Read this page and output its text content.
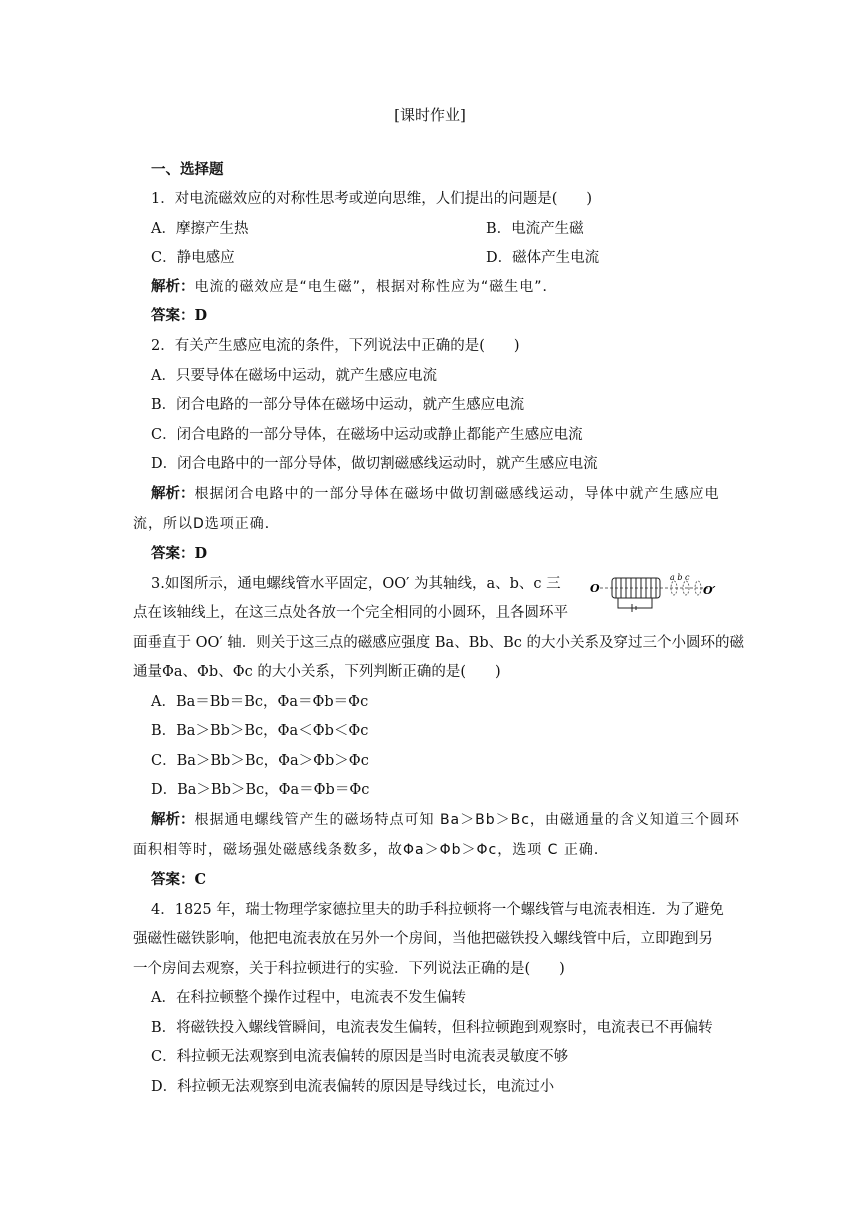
[课时作业]
一、选择题
1．对电流磁效应的对称性思考或逆向思维，人们提出的问题是(　　)
A．摩擦产生热	B．电流产生磁
C．静电感应	D．磁体产生电流
解析：电流的磁效应是“电生磁”，根据对称性应为“磁生电”．
答案：D
2．有关产生感应电流的条件，下列说法中正确的是(　　)
A．只要导体在磁场中运动，就产生感应电流
B．闭合电路的一部分导体在磁场中运动，就产生感应电流
C．闭合电路的一部分导体，在磁场中运动或静止都能产生感应电流
D．闭合电路中的一部分导体，做切割磁感线运动时，就产生感应电流
解析：根据闭合电路中的一部分导体在磁场中做切割磁感线运动，导体中就产生感应电
流，所以D选项正确．
答案：D
3.如图所示，通电螺线管水平固定，OO′ 为其轴线，a、b、c 三
点在该轴线上，在这三点处各放一个完全相同的小圆环，且各圆环平
面垂直于 OO′ 轴．则关于这三点的磁感应强度 Ba、Bb、Bc 的大小关系及穿过三个小圆环的磁
通量Φa、Φb、Φc 的大小关系，下列判断正确的是(　　)
O
a b c
O′
A．Ba＝Bb＝Bc，Φa＝Φb＝Φc
B．Ba＞Bb＞Bc，Φa＜Φb＜Φc
C．Ba＞Bb＞Bc，Φa＞Φb＞Φc
D．Ba＞Bb＞Bc，Φa＝Φb＝Φc
解析：根据通电螺线管产生的磁场特点可知 Ba＞Bb＞Bc，由磁通量的含义知道三个圆环
面积相等时，磁场强处磁感线条数多，故Φa＞Φb＞Φc，选项 C 正确．
答案：C
4．1825 年，瑞士物理学家德拉里夫的助手科拉顿将一个螺线管与电流表相连．为了避免
强磁性磁铁影响，他把电流表放在另外一个房间，当他把磁铁投入螺线管中后，立即跑到另
一个房间去观察，关于科拉顿进行的实验．下列说法正确的是(　　)
A．在科拉顿整个操作过程中，电流表不发生偏转
B．将磁铁投入螺线管瞬间，电流表发生偏转，但科拉顿跑到观察时，电流表已不再偏转
C．科拉顿无法观察到电流表偏转的原因是当时电流表灵敏度不够
D．科拉顿无法观察到电流表偏转的原因是导线过长，电流过小
